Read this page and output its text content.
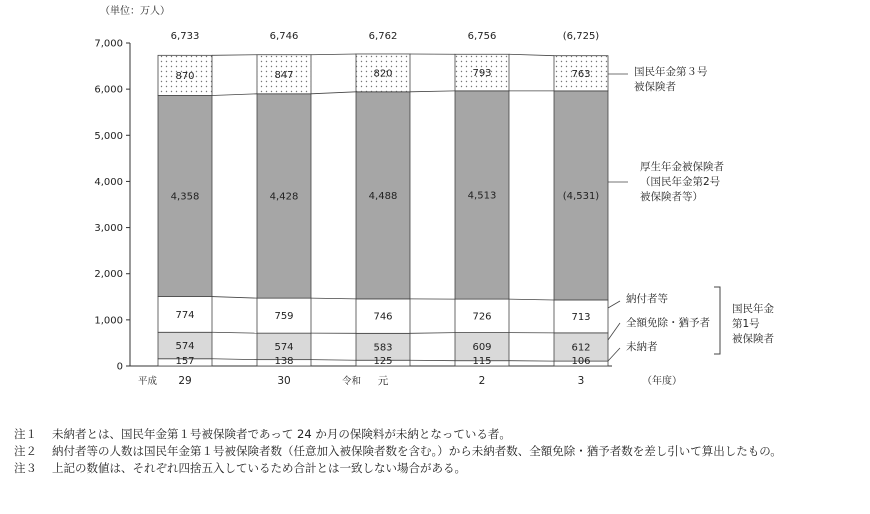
（単位：万人）
0
1,000
2,000
3,000
4,000
5,000
6,000
7,000
29	30	元	2	3
平成	令和	（年度）
157
574
774
4,358
870
6,733
138
574
759
4,428
847
6,746
125
583
746
4,488
820
6,762
115
609
726
4,513
793
6,756
106
612
713
(4,531)
763
(6,725)
国民年金第３号
被保険者
厚生年金被保険者
（国民年金第2号
被保険者等）
納付者等
全額免除・猶予者
未納者
国民年金
第1号
被保険者
注１	未納者とは、国民年金第１号被保険者であって 24 か月の保険料が未納となっている者。
注２	納付者等の人数は国民年金第１号被保険者数（任意加入被保険者数を含む。）から未納者数、全額免除・猶予者数を差し引いて算出したもの。
注３	上記の数値は、それぞれ四捨五入しているため合計とは一致しない場合がある。
